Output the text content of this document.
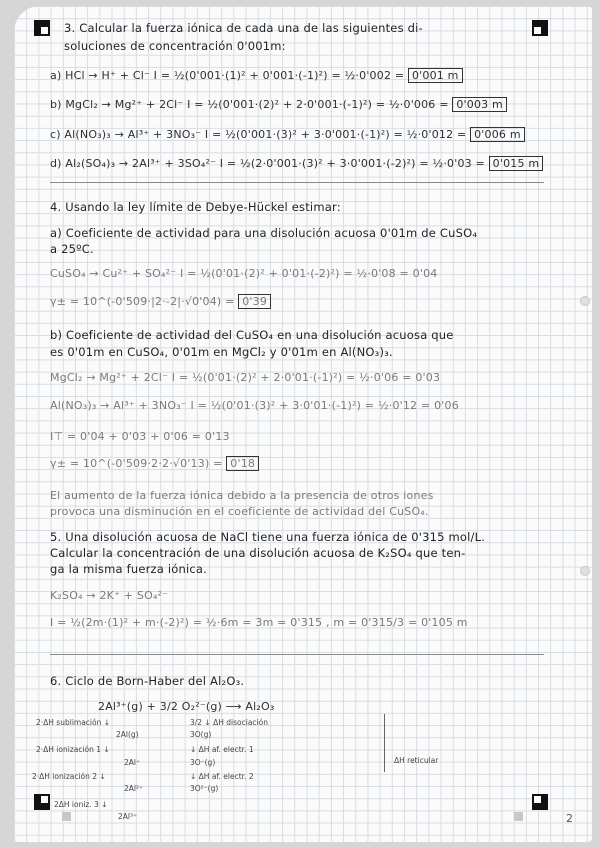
3. Calcular la fuerza iónica de cada una de las siguientes di-
soluciones de concentración 0'001m:
a) HCl → H⁺ + Cl⁻ I = ½(0'001·(1)² + 0'001·(-1)²) = ½·0'002 = 0'001 m
b) MgCl₂ → Mg²⁺ + 2Cl⁻ I = ½(0'001·(2)² + 2·0'001·(-1)²) = ½·0'006 = 0'003 m
c) Al(NO₃)₃ → Al³⁺ + 3NO₃⁻ I = ½(0'001·(3)² + 3·0'001·(-1)²) = ½·0'012 = 0'006 m
d) Al₂(SO₄)₃ → 2Al³⁺ + 3SO₄²⁻ I = ½(2·0'001·(3)² + 3·0'001·(-2)²) = ½·0'03 = 0'015 m
4. Usando la ley límite de Debye-Hückel estimar:
a) Coeficiente de actividad para una disolución acuosa 0'01m de CuSO₄
a 25ºC.
CuSO₄ → Cu²⁺ + SO₄²⁻ I = ½(0'01·(2)² + 0'01·(-2)²) = ½·0'08 = 0'04
γ± = 10^(-0'509·|2·-2|·√0'04) = 0'39
b) Coeficiente de actividad del CuSO₄ en una disolución acuosa que
es 0'01m en CuSO₄, 0'01m en MgCl₂ y 0'01m en Al(NO₃)₃.
MgCl₂ → Mg²⁺ + 2Cl⁻ I = ½(0'01·(2)² + 2·0'01·(-1)²) = ½·0'06 = 0'03
Al(NO₃)₃ → Al³⁺ + 3NO₃⁻ I = ½(0'01·(3)² + 3·0'01·(-1)²) = ½·0'12 = 0'06
I⊤ = 0'04 + 0'03 + 0'06 = 0'13
γ± = 10^(-0'509·2·2·√0'13) = 0'18
El aumento de la fuerza iónica debido a la presencia de otros iones
provoca una disminución en el coeficiente de actividad del CuSO₄.
5. Una disolución acuosa de NaCl tiene una fuerza iónica de 0'315 mol/L.
Calcular la concentración de una disolución acuosa de K₂SO₄ que ten-
ga la misma fuerza iónica.
K₂SO₄ → 2K⁺ + SO₄²⁻
I = ½(2m·(1)² + m·(-2)²) = ½·6m = 3m = 0'315 , m = 0'315/3 = 0'105 m
6. Ciclo de Born-Haber del Al₂O₃.
2Al³⁺(g) + 3/2 O₂²⁻(g) ⟶ Al₂O₃
2·ΔH sublimación ↓	3/2 ↓ ΔH disociación
2Al(g)	3O(g)
2·ΔH ionización 1 ↓	↓ ΔH af. electr. 1
ΔH reticular
2Al⁺	3O⁻(g)
2·ΔH ionización 2 ↓	↓ ΔH af. electr. 2
2Al²⁺	3O²⁻(g)
2ΔH ioniz. 3 ↓
2Al³⁺	2
